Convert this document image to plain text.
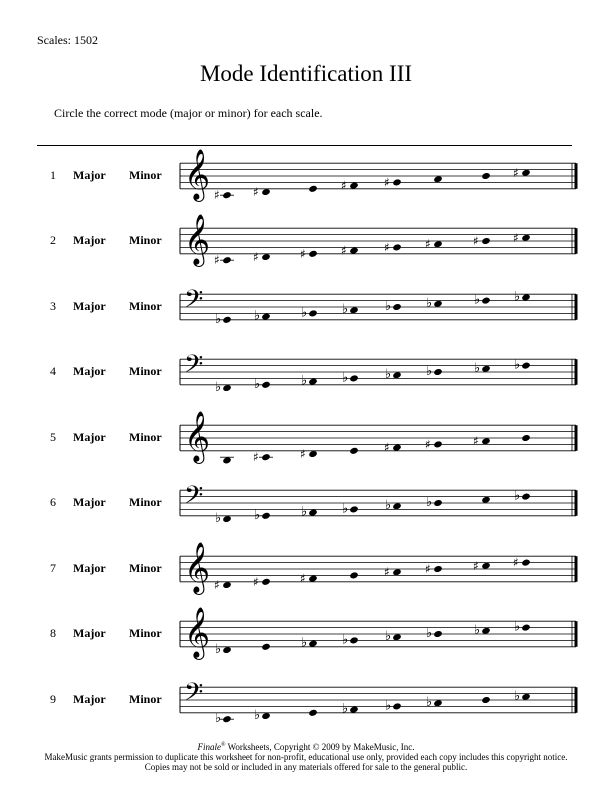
Scales: 1502
Mode Identification III
Circle the correct mode (major or minor) for each scale.
1	Major Minor 𝄞 ♯	♯	♯	♯
♯
2	Major Minor 𝄞 ♯	♯	♯	♯	♯	♯	♯	♯
3	Major Minor 𝄢 ♭	♭	♭	♭	♭	♭	♭	♭
4	Major Minor 𝄢
♭	♭	♭	♭	♭	♭	♭	♭
5	Major Minor 𝄞	♯	♯	♯	♯	♯
6	Major Minor 𝄢
♭	♭	♭	♭	♭	♭	♭
7	Major Minor 𝄞 ♯	♯	♯	♯	♯	♯	♯
8	Major Minor 𝄞 ♭	♭	♭	♭	♭	♭	♭
9	Major Minor 𝄢
♭	♭	♭	♭	♭	♭
Finale® Worksheets, Copyright © 2009 by MakeMusic, Inc.
MakeMusic grants permission to duplicate this worksheet for non-profit, educational use only, provided each copy includes this copyright notice.
Copies may not be sold or included in any materials offered for sale to the general public.
